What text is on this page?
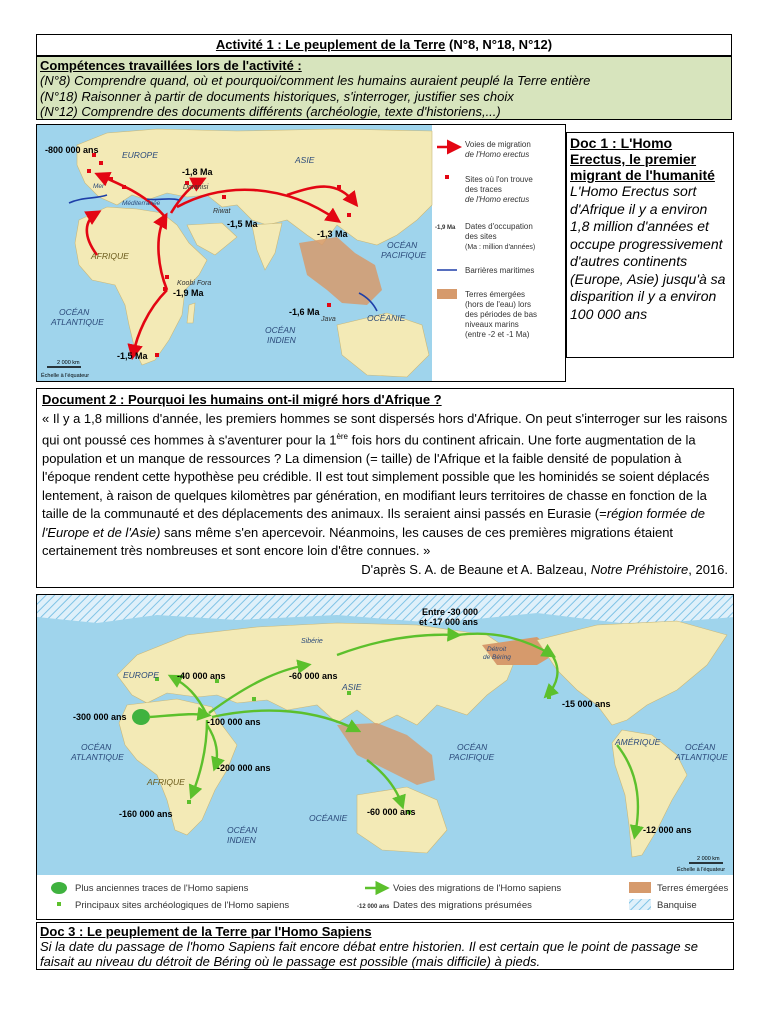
Activité 1 : Le peuplement de la Terre (N°8, N°18, N°12)
Compétences travaillées lors de l'activité :
(N°8) Comprendre quand, où et pourquoi/comment les humains auraient peuplé la Terre entière
(N°18) Raisonner à partir de documents historiques, s'interroger, justifier ses choix
(N°12) Comprendre des documents différents (archéologie, texte d'historiens,...)
EUROPE	ASIE
AFRIQUE
OCÉAN
ATLANTIQUE
OCÉAN
INDIEN
OCÉAN
PACIFIQUE
OCÉANIE
Mer
Méditerranée
Dmanisi
Riwat
Koobi Fora
Java
-800 000 ans
-1,8 Ma
-1,5 Ma
-1,3 Ma
-1,9 Ma
-1,5 Ma
-1,6 Ma
2 000 km
Échelle à l'équateur
Voies de migration
de l'Homo erectus
Sites où l'on trouve
des traces
de l'Homo erectus
-1,9 Ma Dates d'occupation
des sites
(Ma : million d'années)
Barrières maritimes
Terres émergées
(hors de l'eau) lors
des périodes de bas
niveaux marins
(entre -2 et -1 Ma)
Doc 1 : L'Homo Erectus, le premier migrant de l'humanité
L'Homo Erectus sort d'Afrique il y a environ 1,8 million d'années et occupe progressivement d'autres continents (Europe, Asie) jusqu'à sa disparition il y a environ 100 000 ans
Document 2 : Pourquoi les humains ont-il migré hors d'Afrique ?
« Il y a 1,8 millions d'année, les premiers hommes se sont dispersés hors d'Afrique. On peut s'interroger sur les raisons qui ont poussé ces hommes à s'aventurer pour la 1ère fois hors du continent africain. Une forte augmentation de la population et un manque de ressources ? La dimension (= taille) de l'Afrique et la faible densité de population à l'époque rendent cette hypothèse peu crédible. Il est tout simplement possible que les hominidés se soient déplacés lentement, à raison de quelques kilomètres par génération, en modifiant leurs territoires de chasse en fonction de la taille de la communauté et des déplacements des animaux. Ils seraient ainsi passés en Eurasie (=région formée de l'Europe et de l'Asie) sans même s'en apercevoir. Néanmoins, les causes de ces premières migrations étaient certainement très nombreuses et sont encore loin d'être connues. »
D'après S. A. de Beaune et A. Balzeau, Notre Préhistoire, 2016.
EUROPE
ASIE
AFRIQUE
OCÉANIE
AMÉRIQUE
Sibérie
Détroit
de Béring
OCÉAN
ATLANTIQUE
OCÉAN
INDIEN
OCÉAN
PACIFIQUE
OCÉAN
ATLANTIQUE
Entre -30 000
et -17 000 ans
-40 000 ans	-60 000 ans
-300 000 ans	-100 000 ans
-200 000 ans
-160 000 ans	-60 000 ans
-15 000 ans
-12 000 ans
2 000 km
Échelle à l'équateur
Plus anciennes traces de l'Homo sapiens
Principaux sites archéologiques de l'Homo sapiens
Voies des migrations de l'Homo sapiens
-12 000 ans Dates des migrations présumées
Terres émergées
Banquise
Doc 3 : Le peuplement de la Terre par l'Homo Sapiens
Si la date du passage de l'homo Sapiens fait encore débat entre historien. Il est certain que le point de passage se faisait au niveau du détroit de Béring où le passage est possible (mais difficile) à pieds.
